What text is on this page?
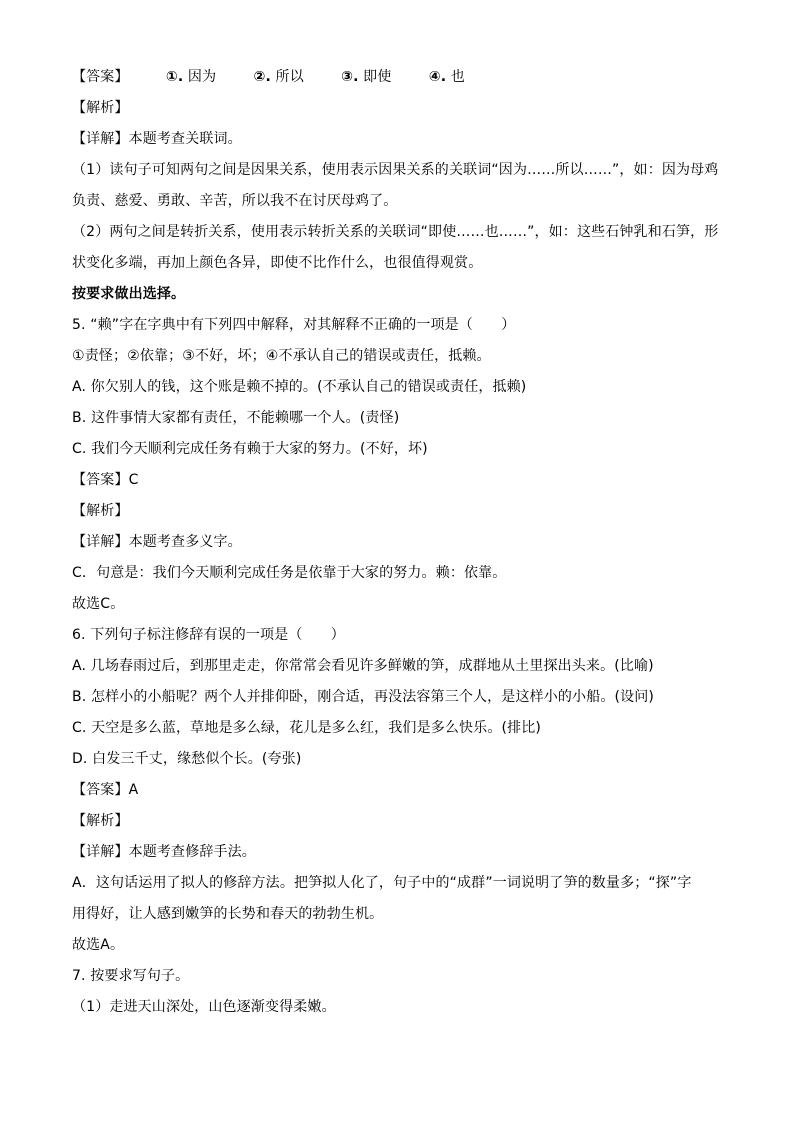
【答案】	①. 因为	②. 所以	③. 即使	④. 也
【解析】
【详解】本题考查关联词。
（1）读句子可知两句之间是因果关系，使用表示因果关系的关联词“因为……所以……”，如：因为母鸡
负责、慈爱、勇敢、辛苦，所以我不在讨厌母鸡了。
（2）两句之间是转折关系，使用表示转折关系的关联词“即使……也……”，如：这些石钟乳和石笋，形
状变化多端，再加上颜色各异，即使不比作什么，也很值得观赏。
按要求做出选择。
5. “赖”字在字典中有下列四中解释，对其解释不正确的一项是（　　）
①责怪；②依靠；③不好，坏；④不承认自己的错误或责任，抵赖。
A. 你欠别人的钱，这个账是赖不掉的。(不承认自己的错误或责任，抵赖)
B. 这件事情大家都有责任，不能赖哪一个人。(责怪)
C. 我们今天顺利完成任务有赖于大家的努力。(不好，坏)
【答案】C
【解析】
【详解】本题考查多义字。
C．句意是：我们今天顺利完成任务是依靠于大家的努力。赖：依靠。
故选C。
6. 下列句子标注修辞有误的一项是（　　）
A. 几场春雨过后，到那里走走，你常常会看见许多鲜嫩的笋，成群地从土里探出头来。(比喻)
B. 怎样小的小船呢？两个人并排仰卧，刚合适，再没法容第三个人，是这样小的小船。(设问)
C. 天空是多么蓝，草地是多么绿，花儿是多么红，我们是多么快乐。(排比)
D. 白发三千丈，缘愁似个长。(夸张)
【答案】A
【解析】
【详解】本题考查修辞手法。
A．这句话运用了拟人的修辞方法。把笋拟人化了，句子中的“成群”一词说明了笋的数量多；“探”字
用得好，让人感到嫩笋的长势和春天的勃勃生机。
故选A。
7. 按要求写句子。
（1）走进天山深处，山色逐渐变得柔嫩。
